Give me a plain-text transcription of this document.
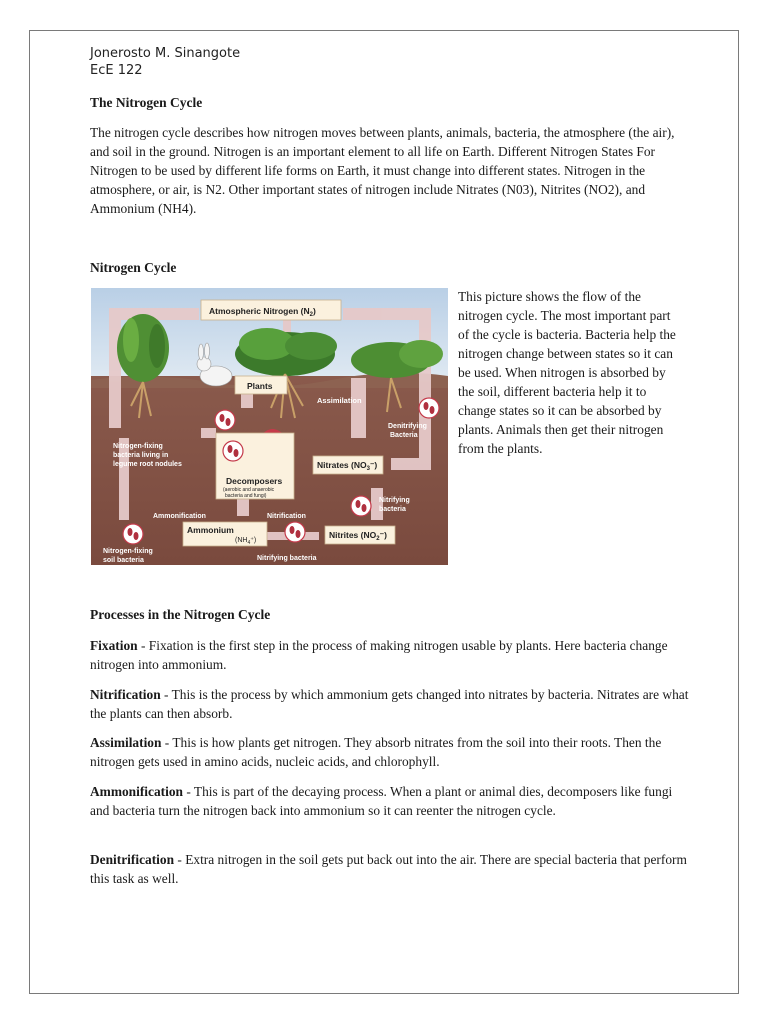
Jonerosto M. Sinangote
EcE 122
The Nitrogen Cycle
The nitrogen cycle describes how nitrogen moves between plants, animals, bacteria, the atmosphere (the air), and soil in the ground. Nitrogen is an important element to all life on Earth. Different Nitrogen States For Nitrogen to be used by different life forms on Earth, it must change into different states. Nitrogen in the atmosphere, or air, is N2. Other important states of nitrogen include Nitrates (N03), Nitrites (NO2), and Ammonium (NH4).
Nitrogen Cycle
Atmospheric Nitrogen $(N_2)$
Plants
Assimilation
Denitrifying Bacteria
Nitrogen-fixing bacteria living in legume root nodules
Decomposers
(aerobic and anaerobic bacteria and fungi)
Nitrates $(NO_3^-)$
Nitrifying bacteria
Ammonification	Nitrification
Ammonium
$(NH_4^+)$
Nitrites $(NO_2^-)$
Nitrogen-fixing soil bacteria	Nitrifying bacteria
This picture shows the flow of the nitrogen cycle. The most important part of the cycle is bacteria. Bacteria help the nitrogen change between states so it can be used. When nitrogen is absorbed by the soil, different bacteria help it to change states so it can be absorbed by plants. Animals then get their nitrogen from the plants.
Processes in the Nitrogen Cycle
Fixation - Fixation is the first step in the process of making nitrogen usable by plants. Here bacteria change nitrogen into ammonium.
Nitrification - This is the process by which ammonium gets changed into nitrates by bacteria. Nitrates are what the plants can then absorb.
Assimilation - This is how plants get nitrogen. They absorb nitrates from the soil into their roots. Then the nitrogen gets used in amino acids, nucleic acids, and chlorophyll.
Ammonification - This is part of the decaying process. When a plant or animal dies, decomposers like fungi and bacteria turn the nitrogen back into ammonium so it can reenter the nitrogen cycle.
Denitrification - Extra nitrogen in the soil gets put back out into the air. There are special bacteria that perform this task as well.
